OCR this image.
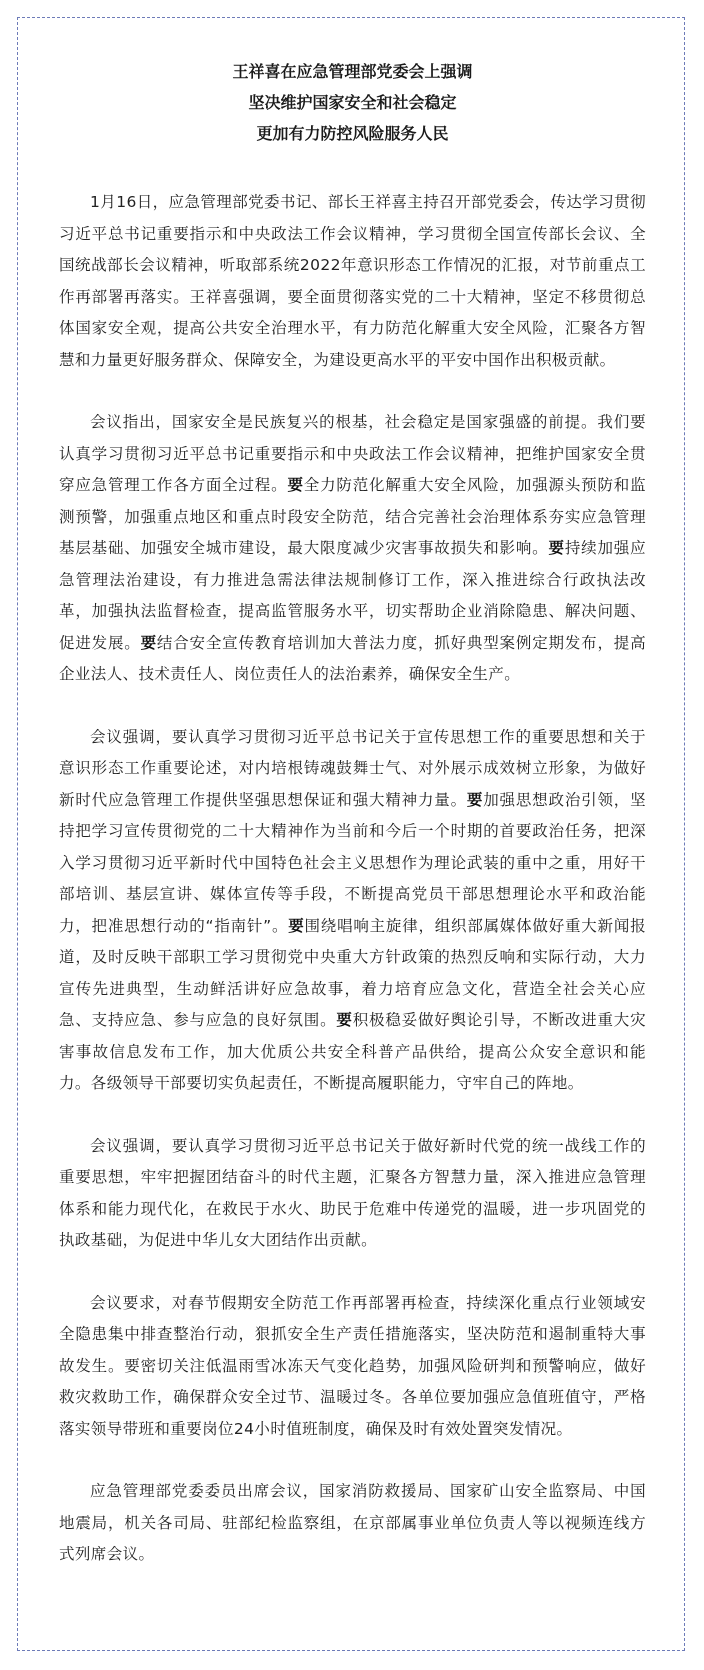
王祥喜在应急管理部党委会上强调

坚决维护国家安全和社会稳定

更加有力防控风险服务人民

1月16日，应急管理部党委书记、部长王祥喜主持召开部党委会，传达学习贯彻习近平总书记重要指示和中央政法工作会议精神，学习贯彻全国宣传部长会议、全国统战部长会议精神，听取部系统2022年意识形态工作情况的汇报，对节前重点工作再部署再落实。王祥喜强调，要全面贯彻落实党的二十大精神，坚定不移贯彻总体国家安全观，提高公共安全治理水平，有力防范化解重大安全风险，汇聚各方智慧和力量更好服务群众、保障安全，为建设更高水平的平安中国作出积极贡献。

会议指出，国家安全是民族复兴的根基，社会稳定是国家强盛的前提。我们要认真学习贯彻习近平总书记重要指示和中央政法工作会议精神，把维护国家安全贯穿应急管理工作各方面全过程。要全力防范化解重大安全风险，加强源头预防和监测预警，加强重点地区和重点时段安全防范，结合完善社会治理体系夯实应急管理基层基础、加强安全城市建设，最大限度减少灾害事故损失和影响。要持续加强应急管理法治建设，有力推进急需法律法规制修订工作，深入推进综合行政执法改革，加强执法监督检查，提高监管服务水平，切实帮助企业消除隐患、解决问题、促进发展。要结合安全宣传教育培训加大普法力度，抓好典型案例定期发布，提高企业法人、技术责任人、岗位责任人的法治素养，确保安全生产。

会议强调，要认真学习贯彻习近平总书记关于宣传思想工作的重要思想和关于意识形态工作重要论述，对内培根铸魂鼓舞士气、对外展示成效树立形象，为做好新时代应急管理工作提供坚强思想保证和强大精神力量。要加强思想政治引领，坚持把学习宣传贯彻党的二十大精神作为当前和今后一个时期的首要政治任务，把深入学习贯彻习近平新时代中国特色社会主义思想作为理论武装的重中之重，用好干部培训、基层宣讲、媒体宣传等手段，不断提高党员干部思想理论水平和政治能力，把准思想行动的“指南针”。要围绕唱响主旋律，组织部属媒体做好重大新闻报道，及时反映干部职工学习贯彻党中央重大方针政策的热烈反响和实际行动，大力宣传先进典型，生动鲜活讲好应急故事，着力培育应急文化，营造全社会关心应急、支持应急、参与应急的良好氛围。要积极稳妥做好舆论引导，不断改进重大灾害事故信息发布工作，加大优质公共安全科普产品供给，提高公众安全意识和能力。各级领导干部要切实负起责任，不断提高履职能力，守牢自己的阵地。

会议强调，要认真学习贯彻习近平总书记关于做好新时代党的统一战线工作的重要思想，牢牢把握团结奋斗的时代主题，汇聚各方智慧力量，深入推进应急管理体系和能力现代化，在救民于水火、助民于危难中传递党的温暖，进一步巩固党的执政基础，为促进中华儿女大团结作出贡献。

会议要求，对春节假期安全防范工作再部署再检查，持续深化重点行业领域安全隐患集中排查整治行动，狠抓安全生产责任措施落实，坚决防范和遏制重特大事故发生。要密切关注低温雨雪冰冻天气变化趋势，加强风险研判和预警响应，做好救灾救助工作，确保群众安全过节、温暖过冬。各单位要加强应急值班值守，严格落实领导带班和重要岗位24小时值班制度，确保及时有效处置突发情况。

应急管理部党委委员出席会议，国家消防救援局、国家矿山安全监察局、中国地震局，机关各司局、驻部纪检监察组，在京部属事业单位负责人等以视频连线方式列席会议。
